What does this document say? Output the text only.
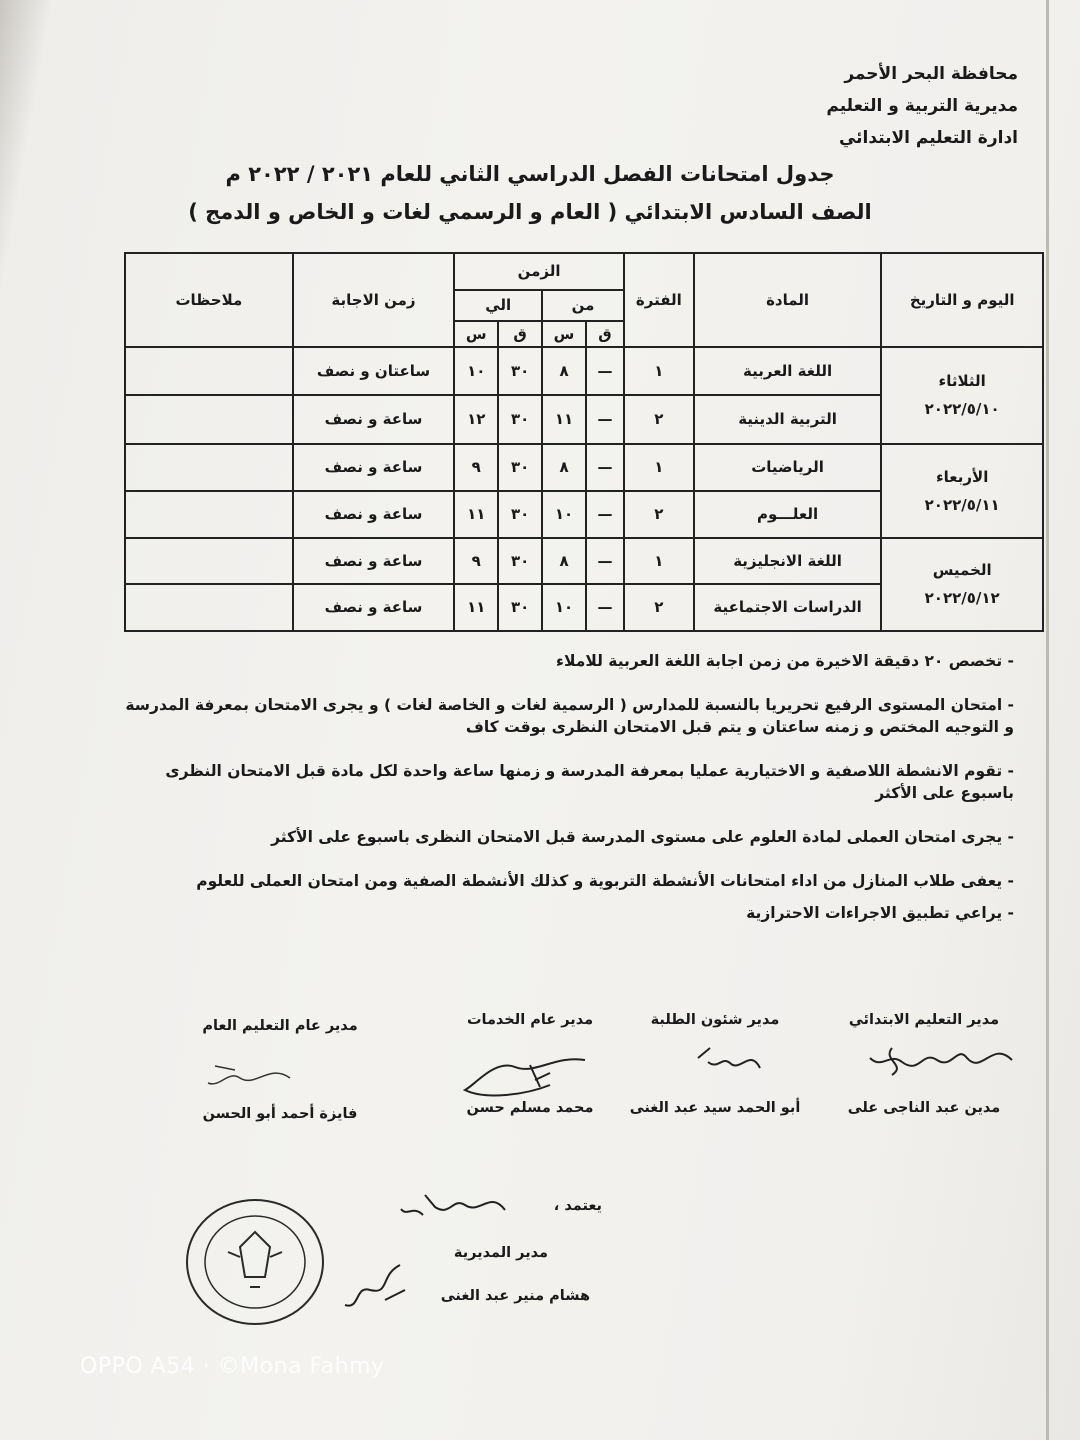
محافظة البحر الأحمر
مديرية التربية و التعليم
ادارة التعليم الابتدائي
جدول امتحانات الفصل الدراسي الثاني للعام ٢٠٢١ / ٢٠٢٢ م
الصف السادس الابتدائي ( العام و الرسمي لغات و الخاص و الدمج )
اليوم و التاريخ	المادة	الفترة	الزمن				زمن الاجابة	ملاحظات
			من		الي			
			ق	س	ق	س		

الثلاثاء
٢٠٢٢/٥/١٠	اللغة العربية	١	—	٨	٣٠	١٠	ساعتان و نصف	
	التربية الدينية	٢	—	١١	٣٠	١٢	ساعة و نصف	

الأربعاء
٢٠٢٢/٥/١١	الرياضيات	١	—	٨	٣٠	٩	ساعة و نصف	
	العلـــوم	٢	—	١٠	٣٠	١١	ساعة و نصف	

الخميس
٢٠٢٢/٥/١٢	اللغة الانجليزية	١	—	٨	٣٠	٩	ساعة و نصف	
	الدراسات الاجتماعية	٢	—	١٠	٣٠	١١	ساعة و نصف	
- تخصص ٢٠ دقيقة الاخيرة من زمن اجابة اللغة العربية للاملاء
- امتحان المستوى الرفيع تحريريا بالنسبة للمدارس ( الرسمية لغات و الخاصة لغات ) و يجرى الامتحان بمعرفة المدرسة و التوجيه المختص و زمنه ساعتان و يتم قبل الامتحان النظرى بوقت كاف
- تقوم الانشطة اللاصفية و الاختيارية عمليا بمعرفة المدرسة و زمنها ساعة واحدة لكل مادة قبل الامتحان النظرى باسبوع على الأكثر
- يجرى امتحان العملى لمادة العلوم على مستوى المدرسة قبل الامتحان النظرى باسبوع على الأكثر
- يعفى طلاب المنازل من اداء امتحانات الأنشطة التربوية و كذلك الأنشطة الصفية ومن امتحان العملى للعلوم
- يراعي تطبيق الاجراءات الاحترازية
مدير التعليم الابتدائي
مدين عبد الناجى على
مدير شئون الطلبة
أبو الحمد سيد عبد الغنى
مدير عام الخدمات
محمد مسلم حسن
مدير عام التعليم العام
فايزة أحمد أبو الحسن
يعتمد ،
مدير المديرية
هشام منير عبد الغنى
OPPO A54 · ©Mona Fahmy
